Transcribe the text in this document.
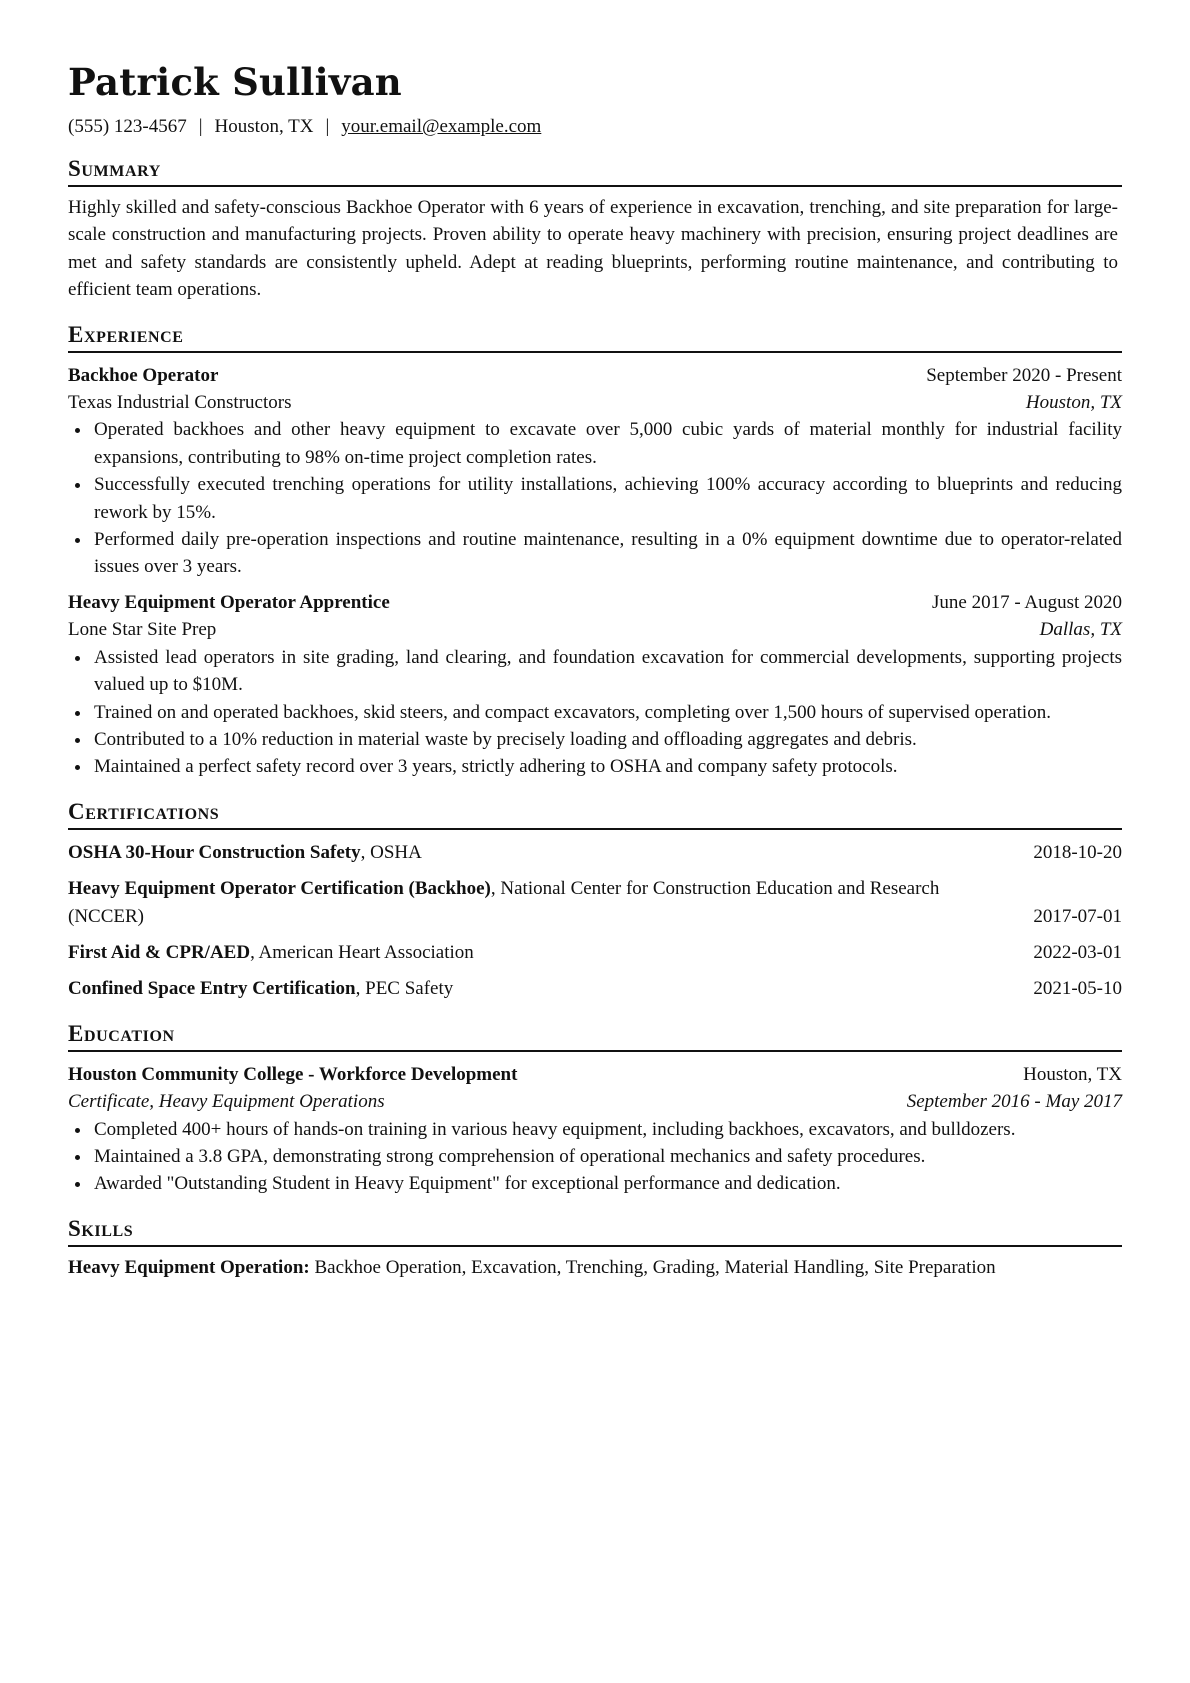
Patrick Sullivan
(555) 123-4567 | Houston, TX | your.email@example.com
Summary
Highly skilled and safety-conscious Backhoe Operator with 6 years of experience in excavation, trenching, and site preparation for large-scale construction and manufacturing projects. Proven ability to operate heavy machinery with precision, ensuring project deadlines are met and safety standards are consistently upheld. Adept at reading blueprints, performing routine maintenance, and contributing to efficient team operations.
Experience
Backhoe Operator	September 2020 - Present
Texas Industrial Constructors	Houston, TX
Operated backhoes and other heavy equipment to excavate over 5,000 cubic yards of material monthly for industrial facility expansions, contributing to 98% on-time project completion rates.
Successfully executed trenching operations for utility installations, achieving 100% accuracy according to blueprints and reducing rework by 15%.
Performed daily pre-operation inspections and routine maintenance, resulting in a 0% equipment downtime due to operator-related issues over 3 years.
Heavy Equipment Operator Apprentice	June 2017 - August 2020
Lone Star Site Prep	Dallas, TX
Assisted lead operators in site grading, land clearing, and foundation excavation for commercial developments, supporting projects valued up to $10M.
Trained on and operated backhoes, skid steers, and compact excavators, completing over 1,500 hours of supervised operation.
Contributed to a 10% reduction in material waste by precisely loading and offloading aggregates and debris.
Maintained a perfect safety record over 3 years, strictly adhering to OSHA and company safety protocols.
Certifications
OSHA 30-Hour Construction Safety, OSHA	2018-10-20
Heavy Equipment Operator Certification (Backhoe), National Center for Construction Education and Research (NCCER)	2017-07-01
First Aid & CPR/AED, American Heart Association	2022-03-01
Confined Space Entry Certification, PEC Safety	2021-05-10
Education
Houston Community College - Workforce Development	Houston, TX
Certificate, Heavy Equipment Operations	September 2016 - May 2017
Completed 400+ hours of hands-on training in various heavy equipment, including backhoes, excavators, and bulldozers.
Maintained a 3.8 GPA, demonstrating strong comprehension of operational mechanics and safety procedures.
Awarded "Outstanding Student in Heavy Equipment" for exceptional performance and dedication.
Skills
Heavy Equipment Operation: Backhoe Operation, Excavation, Trenching, Grading, Material Handling, Site Preparation
